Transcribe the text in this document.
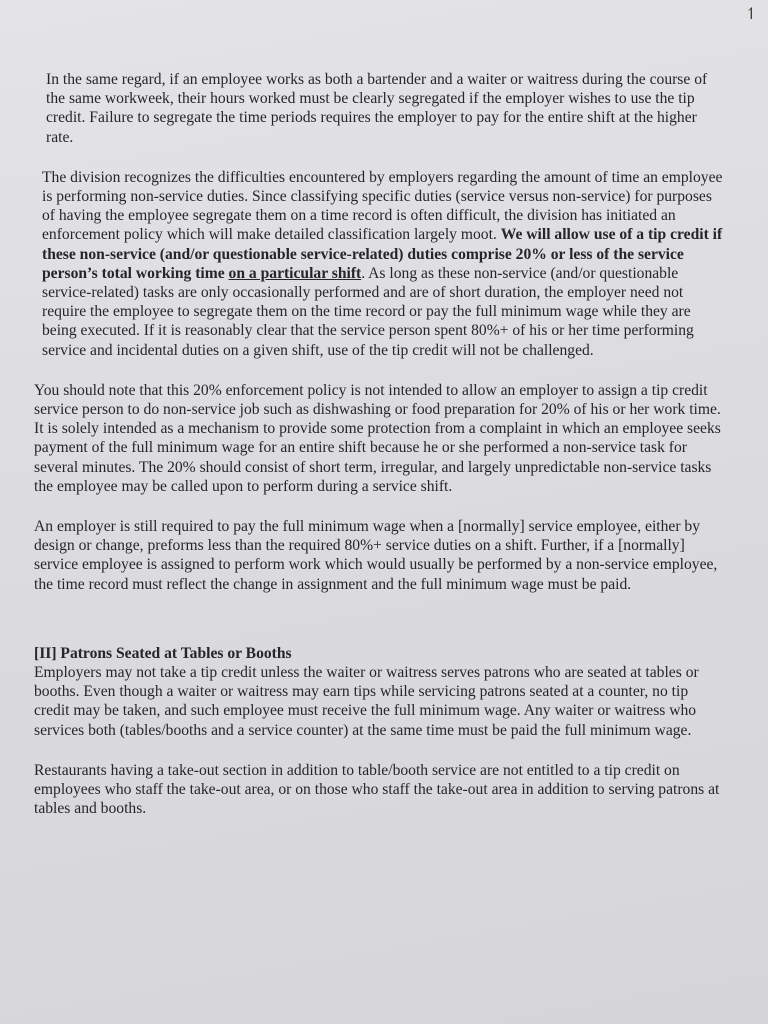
↿

In the same regard, if an employee works as both a bartender and a waiter or waitress during the course of the same workweek, their hours worked must be clearly segregated if the employer wishes to use the tip credit. Failure to segregate the time periods requires the employer to pay for the entire shift at the higher rate.

The division recognizes the difficulties encountered by employers regarding the amount of time an employee is performing non-service duties. Since classifying specific duties (service versus non-service) for purposes of having the employee segregate them on a time record is often difficult, the division has initiated an enforcement policy which will make detailed classification largely moot. We will allow use of a tip credit if these non-service (and/or questionable service-related) duties comprise 20% or less of the service person’s total working time on a particular shift. As long as these non-service (and/or questionable service-related) tasks are only occasionally performed and are of short duration, the employer need not require the employee to segregate them on the time record or pay the full minimum wage while they are being executed. If it is reasonably clear that the service person spent 80%+ of his or her time performing service and incidental duties on a given shift, use of the tip credit will not be challenged.

You should note that this 20% enforcement policy is not intended to allow an employer to assign a tip credit service person to do non-service job such as dishwashing or food preparation for 20% of his or her work time. It is solely intended as a mechanism to provide some protection from a complaint in which an employee seeks payment of the full minimum wage for an entire shift because he or she performed a non-service task for several minutes. The 20% should consist of short term, irregular, and largely unpredictable non-service tasks the employee may be called upon to perform during a service shift.

An employer is still required to pay the full minimum wage when a [normally] service employee, either by design or change, preforms less than the required 80%+ service duties on a shift. Further, if a [normally] service employee is assigned to perform work which would usually be performed by a non-service employee, the time record must reflect the change in assignment and the full minimum wage must be paid.

[II] Patrons Seated at Tables or Booths

Employers may not take a tip credit unless the waiter or waitress serves patrons who are seated at tables or booths. Even though a waiter or waitress may earn tips while servicing patrons seated at a counter, no tip credit may be taken, and such employee must receive the full minimum wage. Any waiter or waitress who services both (tables/booths and a service counter) at the same time must be paid the full minimum wage.

Restaurants having a take-out section in addition to table/booth service are not entitled to a tip credit on employees who staff the take-out area, or on those who staff the take-out area in addition to serving patrons at tables and booths.
